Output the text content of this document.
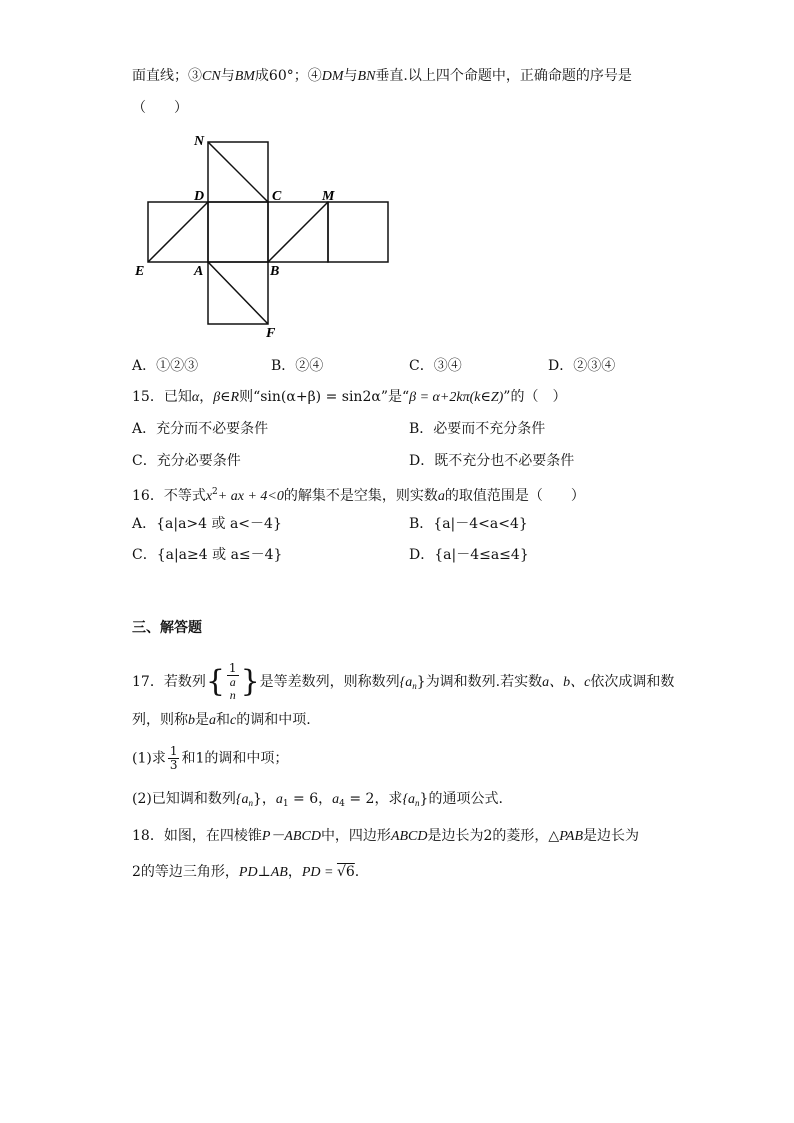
面直线；③CN与BM成60°；④DM与BN垂直.以上四个命题中，正确命题的序号是
（　　）
N
D	C	M
E	A	B
F
A．①②③	B．②④	C．③④	D．②③④
15．已知α，β∈R则“sin(α+β) = sin2α”是“β = α+2kπ(k∈Z)”的（　）
A．充分而不必要条件	B．必要而不充分条件
C．充分必要条件	D．既不充分也不必要条件
16．不等式$x^2+$ ax + 4<0的解集不是空集，则实数a的取值范围是（　　）
A．{a|a>4 或 a<－4}	B．{a|－4<a<4}
C．{a|a≥4 或 a≤－4}	D．{a|－4≤a≤4}
三、解答题
17．若数列{ 1
a
n }是等差数列，则称数列$\{a_n\}$为调和数列.若实数a、b、c依次成调和数
列，则称b是a和c的调和中项.
(1)求 $\frac{1}{3}$ 和1的调和中项；
(2)已知调和数列$\{a_n\}$，$a_1 = 6$，$a_4 = 2$，求$\{a_n\}$的通项公式.
18．如图，在四棱锥P－ABCD中，四边形ABCD是边长为2的菱形，△PAB是边长为
2的等边三角形，PD⊥AB，PD = √6.
